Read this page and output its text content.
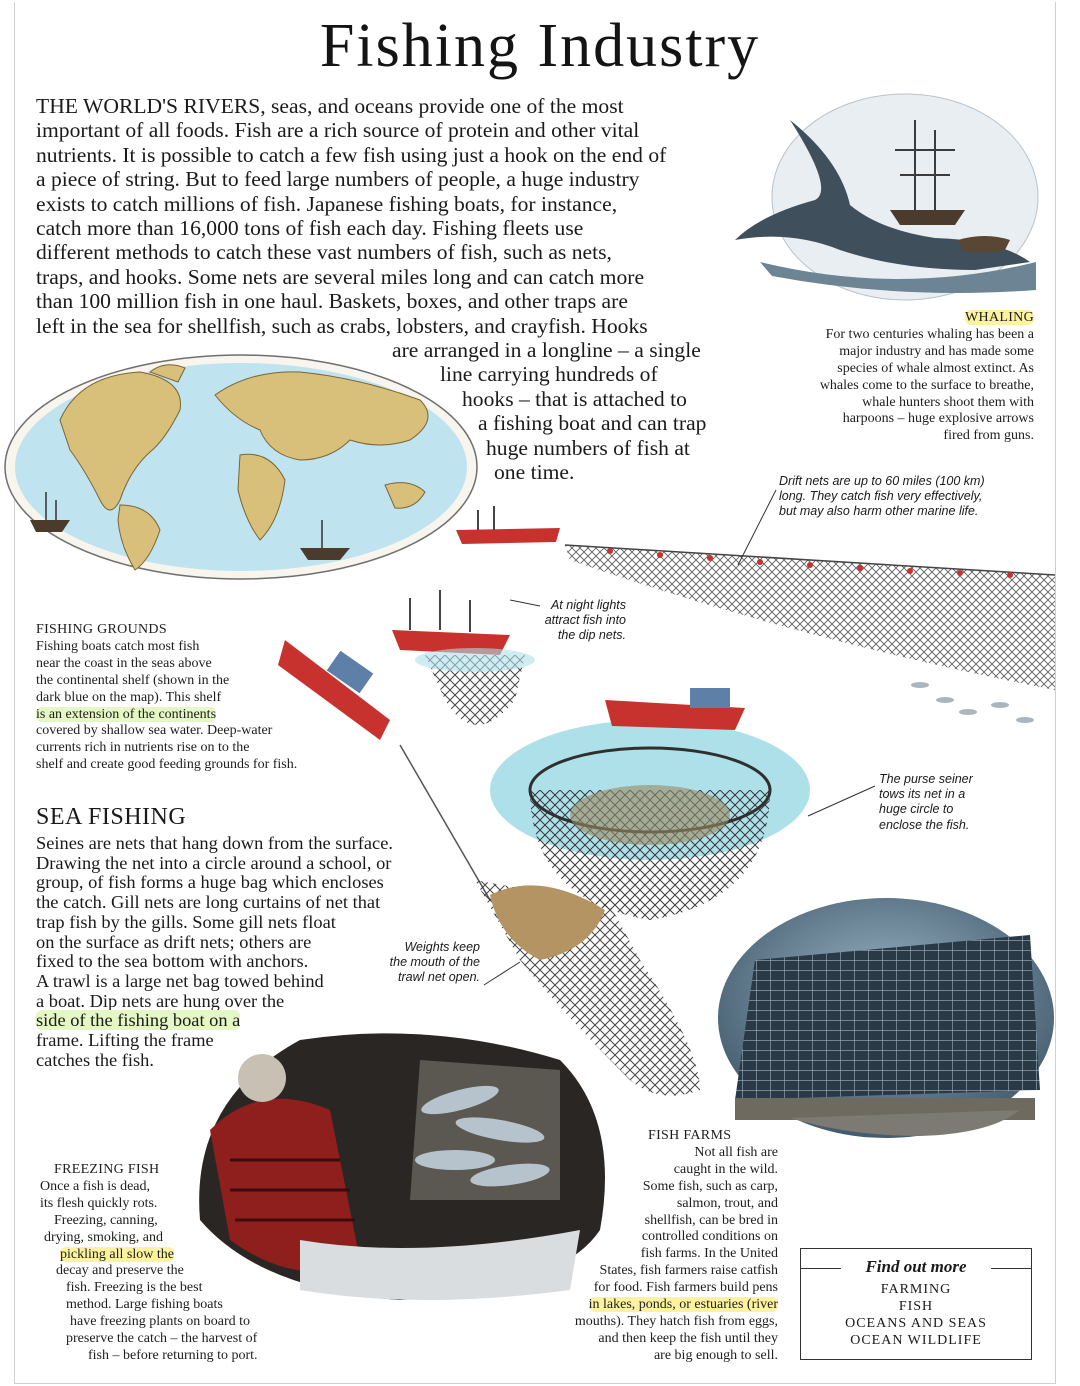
Fishing Industry
THE WORLD'S RIVERS, seas, and oceans provide one of the most
important of all foods. Fish are a rich source of protein and other vital
nutrients. It is possible to catch a few fish using just a hook on the end of
a piece of string. But to feed large numbers of people, a huge industry
exists to catch millions of fish. Japanese fishing boats, for instance,
catch more than 16,000 tons of fish each day. Fishing fleets use
different methods to catch these vast numbers of fish, such as nets,
traps, and hooks. Some nets are several miles long and can catch more
than 100 million fish in one haul. Baskets, boxes, and other traps are
left in the sea for shellfish, such as crabs, lobsters, and crayfish. Hooks
are arranged in a longline – a single
line carrying hundreds of
hooks – that is attached to
a fishing boat and can trap
huge numbers of fish at
one time.
WHALING
For two centuries whaling has been a
major industry and has made some
species of whale almost extinct. As
whales come to the surface to breathe,
whale hunters shoot them with
harpoons – huge explosive arrows
fired from guns.
Drift nets are up to 60 miles (100 km)
long. They catch fish very effectively,
but may also harm other marine life.
At night lights
attract fish into
the dip nets.
FISHING GROUNDS
Fishing boats catch most fish
near the coast in the seas above
the continental shelf (shown in the
dark blue on the map). This shelf
is an extension of the continents
covered by shallow sea water. Deep-water
currents rich in nutrients rise on to the
shelf and create good feeding grounds for fish.
The purse seiner
tows its net in a
huge circle to
enclose the fish.
SEA FISHING
Seines are nets that hang down from the surface.
Drawing the net into a circle around a school, or
group, of fish forms a huge bag which encloses
the catch. Gill nets are long curtains of net that
trap fish by the gills. Some gill nets float
on the surface as drift nets; others are
fixed to the sea bottom with anchors.
A trawl is a large net bag towed behind
a boat. Dip nets are hung over the
side of the fishing boat on a
frame. Lifting the frame
catches the fish.
Weights keep
the mouth of the
trawl net open.
FREEZING FISH
Once a fish is dead,
its flesh quickly rots.
Freezing, canning,
drying, smoking, and
pickling all slow the
decay and preserve the
fish. Freezing is the best
method. Large fishing boats
have freezing plants on board to
preserve the catch – the harvest of
fish – before returning to port.
FISH FARMS
Not all fish are
caught in the wild.
Some fish, such as carp,
salmon, trout, and
shellfish, can be bred in
controlled conditions on
fish farms. In the United
States, fish farmers raise catfish
for food. Fish farmers build pens
in lakes, ponds, or estuaries (river
mouths). They hatch fish from eggs,
and then keep the fish until they
are big enough to sell.
Find out more
FARMING
FISH
OCEANS AND SEAS
OCEAN WILDLIFE
